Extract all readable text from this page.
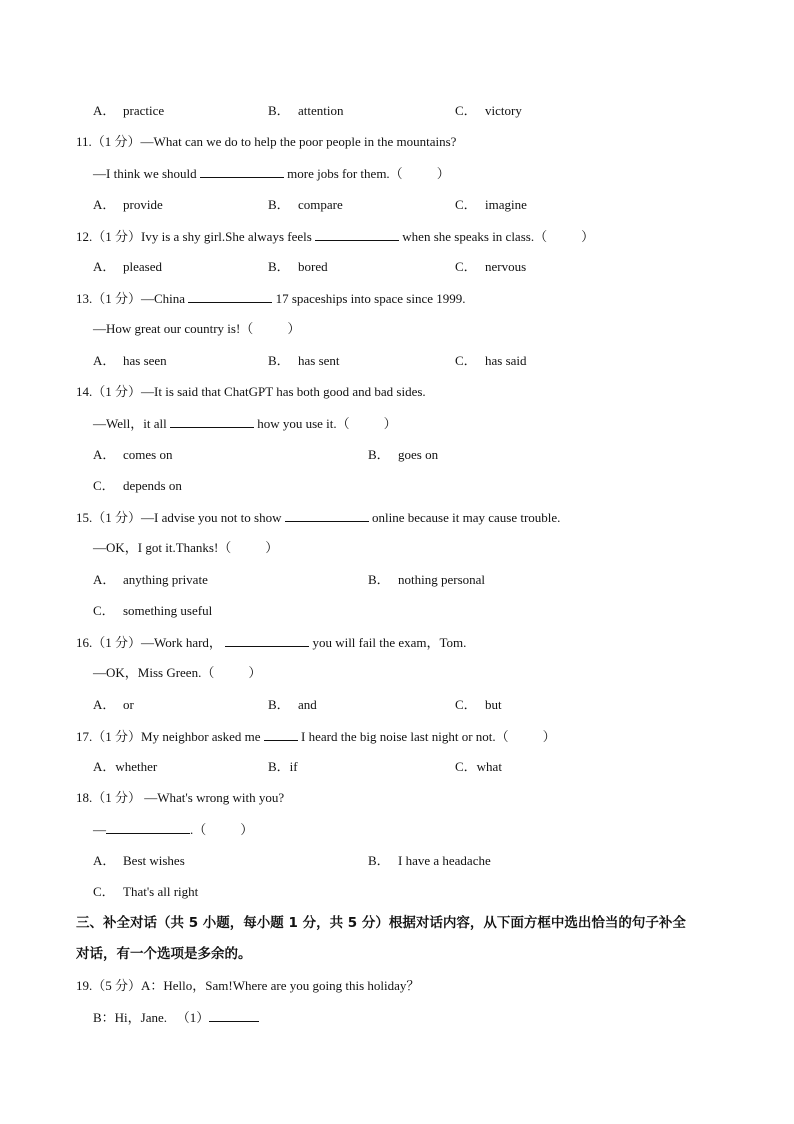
A． practice	B． attention	C． victory
11.（1 分）—What can we do to help the poor people in the mountains?
—I think we should	more jobs for them.（	）
A． provide	B． compare	C． imagine
12.（1 分）Ivy is a shy girl.She always feels	when she speaks in class.（	）
A． pleased	B． bored	C． nervous
13.（1 分）—China	17 spaceships into space since 1999.
—How great our country is!（	）
A． has seen	B． has sent	C． has said
14.（1 分）—It is said that ChatGPT has both good and bad sides.
—Well，it all	how you use it.（	）
A． comes on	B． goes on
C． depends on
15.（1 分）—I advise you not to show	online because it may cause trouble.
—OK，I got it.Thanks!（	）
A． anything private	B． nothing personal
C． something useful
16.（1 分）—Work hard，	you will fail the exam，Tom.
—OK，Miss Green.（	）
A． or	B． and	C． but
17.（1 分）My neighbor asked me	I heard the big noise last night or not.（	）
A．whether	B．if	C．what
18.（1 分） —What's wrong with you?
—	.（	）
A． Best wishes	B． I have a headache
C． That's all right
三、补全对话（共 5 小题，每小题 1 分，共 5 分）根据对话内容，从下面方框中选出恰当的句子补全
对话，有一个选项是多余的。
19.（5 分）A：Hello，Sam!Where are you going this holiday？
B：Hi，Jane. （1）
